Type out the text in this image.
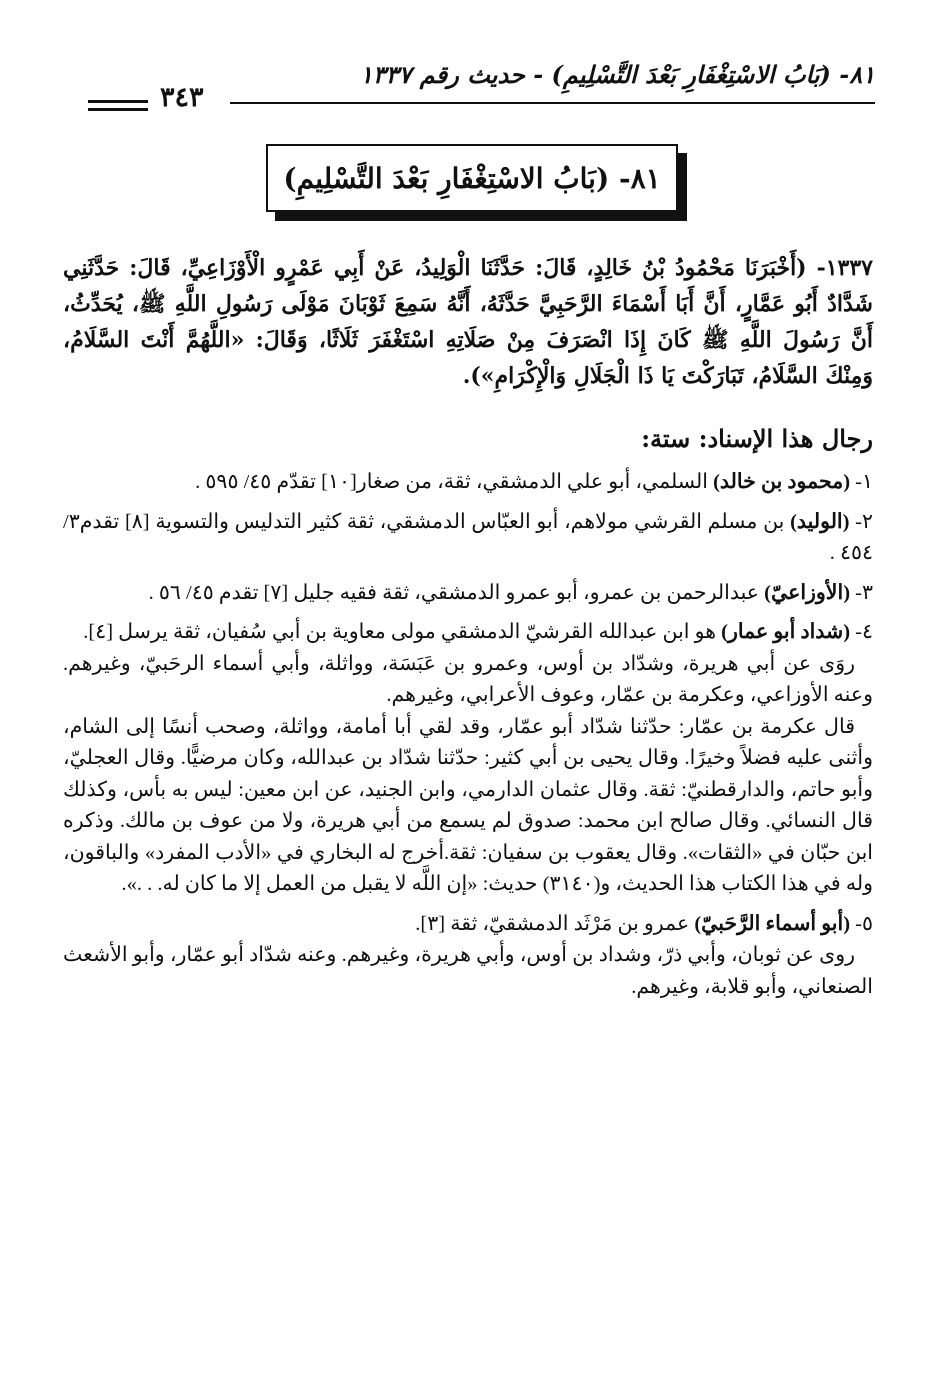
٨١- (بَابُ الاسْتِغْفَارِ بَعْدَ التَّسْلِيمِ) - حديث رقم ١٣٣٧
٣٤٣
٨١- (بَابُ الاسْتِغْفَارِ بَعْدَ التَّسْلِيمِ)

١٣٣٧- (أَخْبَرَنَا مَحْمُودُ بْنُ خَالِدٍ، قَالَ: حَدَّثَنَا الْوَلِيدُ، عَنْ أَبِي عَمْرٍو الْأَوْزَاعِيِّ، قَالَ: حَدَّثَنِي شَدَّادٌ أَبُو عَمَّارٍ، أَنَّ أَبَا أَسْمَاءَ الرَّحَبِيَّ حَدَّثَهُ، أَنَّهُ سَمِعَ ثَوْبَانَ مَوْلَى رَسُولِ اللَّهِ ﷺ، يُحَدِّثُ، أَنَّ رَسُولَ اللَّهِ ﷺ كَانَ إِذَا انْصَرَفَ مِنْ صَلَاتِهِ اسْتَغْفَرَ ثَلَاثًا، وَقَالَ: «اللَّهُمَّ أَنْتَ السَّلَامُ، وَمِنْكَ السَّلَامُ، تَبَارَكْتَ يَا ذَا الْجَلَالِ وَالْإِكْرَامِ»).

رجال هذا الإسناد: ستة:

١- (محمود بن خالد) السلمي، أبو علي الدمشقي، ثقة، من صغار[١٠] تقدّم ٤٥/ ٥٩٥ .
٢- (الوليد) بن مسلم القرشي مولاهم، أبو العبّاس الدمشقي، ثقة كثير التدليس والتسوية [٨] تقدم٣/ ٤٥٤ .
٣- (الأوزاعيّ) عبدالرحمن بن عمرو، أبو عمرو الدمشقي، ثقة فقيه جليل [٧] تقدم ٤٥/ ٥٦ .
٤- (شداد أبو عمار) هو ابن عبدالله القرشيّ الدمشقي مولى معاوية بن أبي سُفيان، ثقة يرسل [٤].

روَى عن أبي هريرة، وشدّاد بن أوس، وعمرو بن عَبَسَة، وواثلة، وأبي أسماء الرحَبيّ، وغيرهم. وعنه الأوزاعي، وعكرمة بن عمّار، وعوف الأعرابي، وغيرهم.

قال عكرمة بن عمّار: حدّثنا شدّاد أبو عمّار، وقد لقي أبا أمامة، وواثلة، وصحب أنسًا إلى الشام، وأثنى عليه فضلاً وخيرًا. وقال يحيى بن أبي كثير: حدّثنا شدّاد بن عبدالله، وكان مرضيًّا. وقال العجليّ، وأبو حاتم، والدارقطنيّ: ثقة. وقال عثمان الدارمي، وابن الجنيد، عن ابن معين: ليس به بأس، وكذلك قال النسائي. وقال صالح ابن محمد: صدوق لم يسمع من أبي هريرة، ولا من عوف بن مالك. وذكره ابن حبّان في «الثقات». وقال يعقوب بن سفيان: ثقة.أخرج له البخاري في «الأدب المفرد» والباقون، وله في هذا الكتاب هذا الحديث، و(٣١٤٠) حديث: «إن اللَّه لا يقبل من العمل إلا ما كان له. . .».

٥- (أبو أسماء الرَّحَبيّ) عمرو بن مَرْثَد الدمشقيّ، ثقة [٣].

روى عن ثوبان، وأبي ذرّ، وشداد بن أوس، وأبي هريرة، وغيرهم. وعنه شدّاد أبو عمّار، وأبو الأشعث الصنعاني، وأبو قلابة، وغيرهم.
